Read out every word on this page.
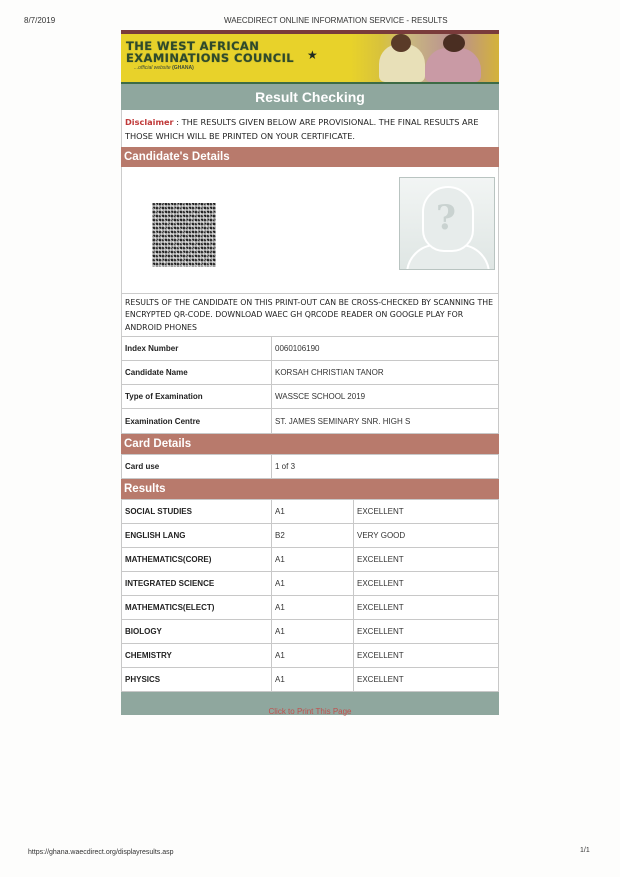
8/7/2019	WAECDIRECT ONLINE INFORMATION SERVICE - RESULTS
THE WEST AFRICAN
EXAMINATIONS COUNCIL
...official website (GHANA)
★
Result Checking
Disclaimer : THE RESULTS GIVEN BELOW ARE PROVISIONAL. THE FINAL RESULTS ARE THOSE WHICH WILL BE PRINTED ON YOUR CERTIFICATE.
Candidate's Details
?
RESULTS OF THE CANDIDATE ON THIS PRINT-OUT CAN BE CROSS-CHECKED BY SCANNING THE ENCRYPTED QR-CODE. DOWNLOAD WAEC GH QRCODE READER ON GOOGLE PLAY FOR ANDROID PHONES
Index Number	0060106190
Candidate Name	KORSAH CHRISTIAN TANOR
Type of Examination	WASSCE SCHOOL 2019
Examination Centre	ST. JAMES SEMINARY SNR. HIGH S
Card Details
Card use	1 of 3
Results
SOCIAL STUDIES	A1	EXCELLENT
ENGLISH LANG	B2	VERY GOOD
MATHEMATICS(CORE)	A1	EXCELLENT
INTEGRATED SCIENCE	A1	EXCELLENT
MATHEMATICS(ELECT)	A1	EXCELLENT
BIOLOGY	A1	EXCELLENT
CHEMISTRY	A1	EXCELLENT
PHYSICS	A1	EXCELLENT
Click to Print This Page
https://ghana.waecdirect.org/displayresults.asp	1/1
